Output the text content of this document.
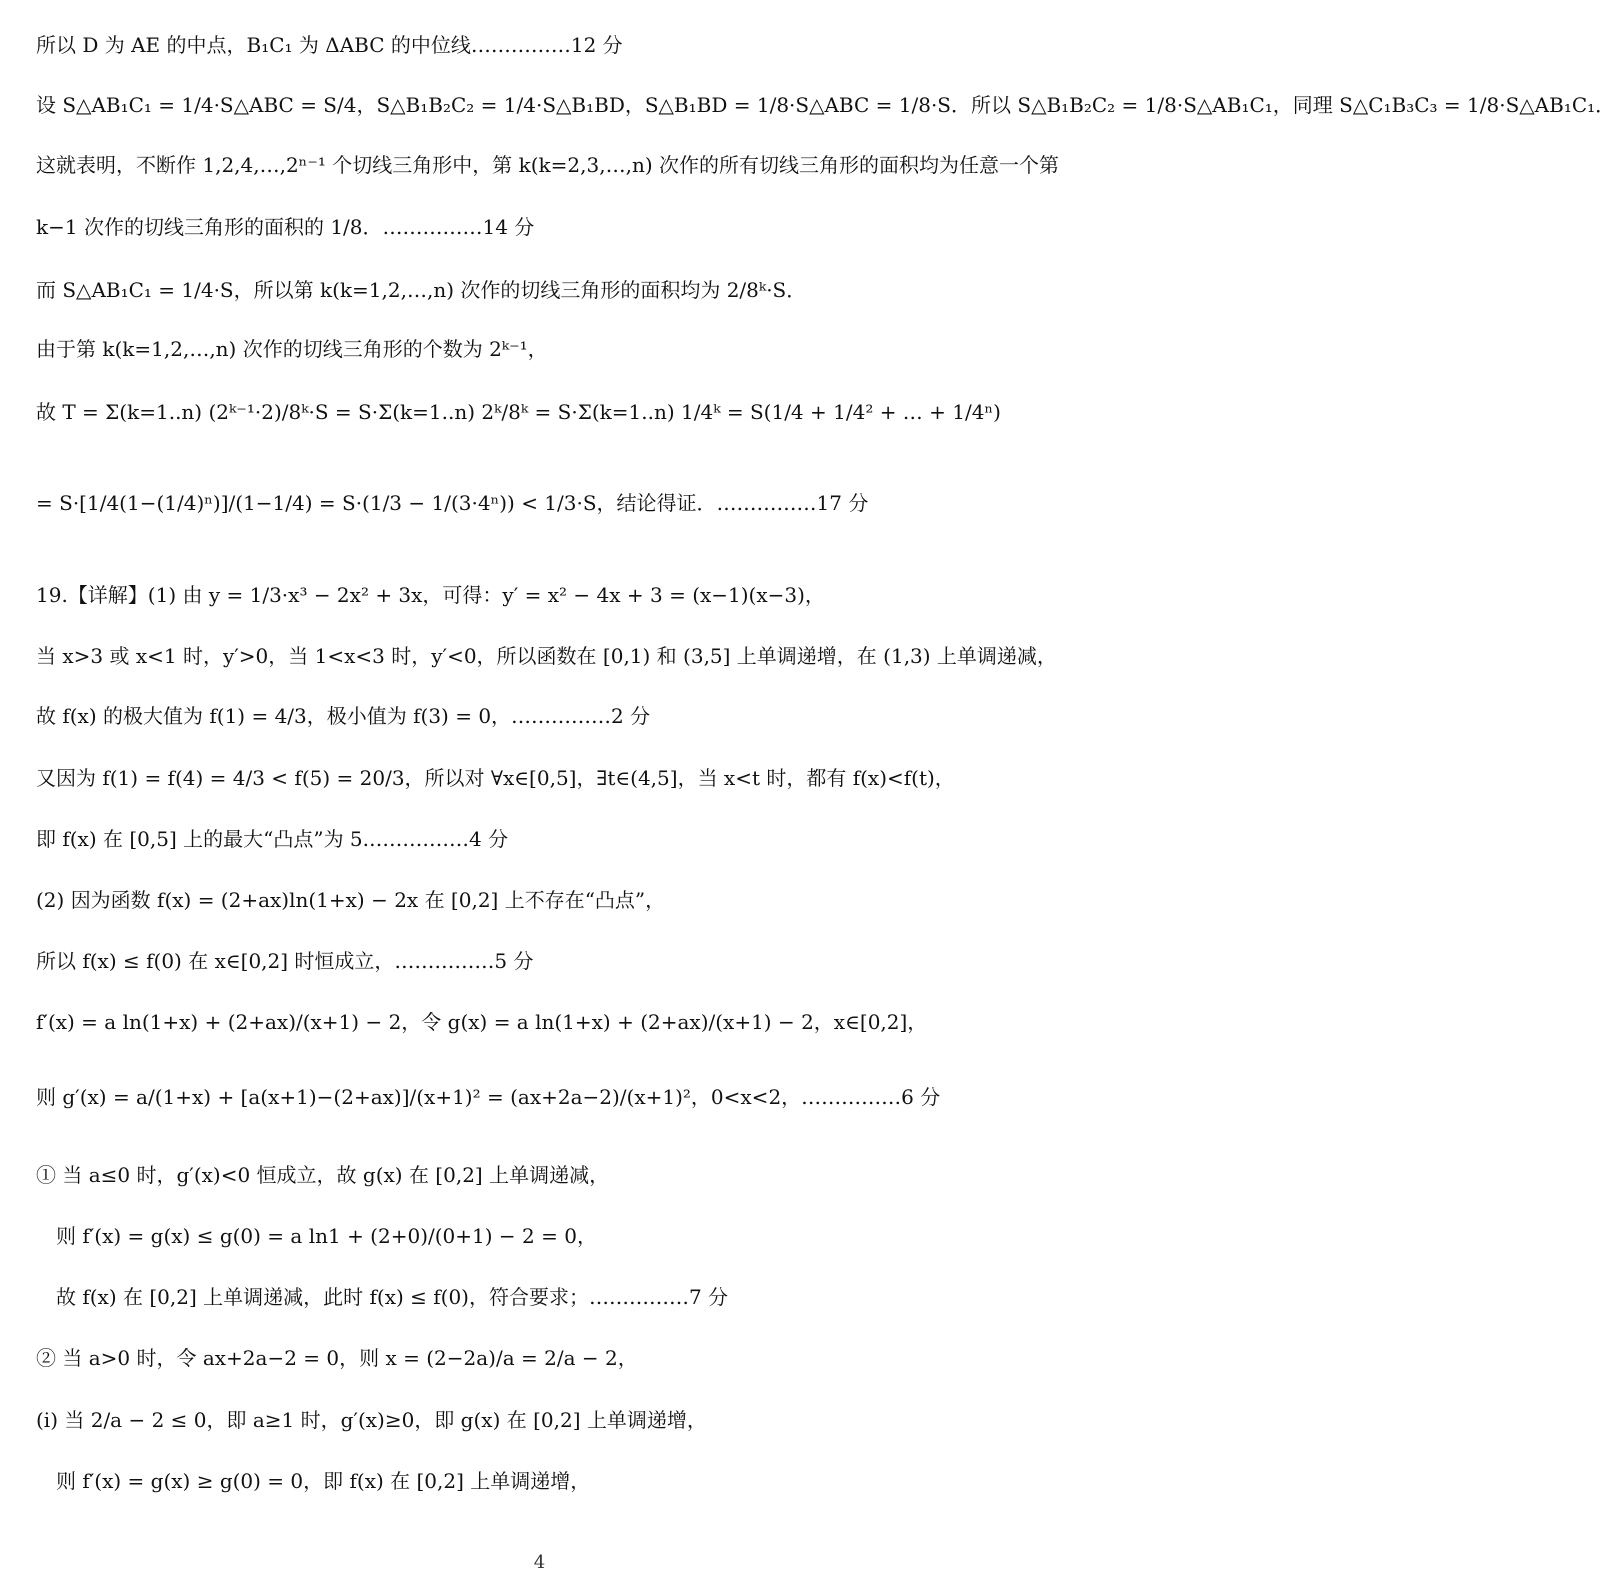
所以 D 为 AE 的中点，B₁C₁ 为 ΔABC 的中位线……………12 分
设 S△AB₁C₁ = 1/4·S△ABC = S/4，S△B₁B₂C₂ = 1/4·S△B₁BD，S△B₁BD = 1/8·S△ABC = 1/8·S．所以 S△B₁B₂C₂ = 1/8·S△AB₁C₁，同理 S△C₁B₃C₃ = 1/8·S△AB₁C₁．
这就表明，不断作 1,2,4,…,2ⁿ⁻¹ 个切线三角形中，第 k(k=2,3,…,n) 次作的所有切线三角形的面积均为任意一个第
k−1 次作的切线三角形的面积的 1/8．……………14 分
而 S△AB₁C₁ = 1/4·S，所以第 k(k=1,2,…,n) 次作的切线三角形的面积均为 2/8ᵏ·S．
由于第 k(k=1,2,…,n) 次作的切线三角形的个数为 2ᵏ⁻¹，
故 T = Σ(k=1..n) (2ᵏ⁻¹·2)/8ᵏ·S = S·Σ(k=1..n) 2ᵏ/8ᵏ = S·Σ(k=1..n) 1/4ᵏ = S(1/4 + 1/4² + … + 1/4ⁿ)
= S·[1/4(1−(1/4)ⁿ)]/(1−1/4) = S·(1/3 − 1/(3·4ⁿ)) < 1/3·S，结论得证．……………17 分
19.【详解】(1) 由 y = 1/3·x³ − 2x² + 3x，可得：y′ = x² − 4x + 3 = (x−1)(x−3)，
当 x>3 或 x<1 时，y′>0，当 1<x<3 时，y′<0，所以函数在 [0,1) 和 (3,5] 上单调递增，在 (1,3) 上单调递减，
故 f(x) 的极大值为 f(1) = 4/3，极小值为 f(3) = 0，……………2 分
又因为 f(1) = f(4) = 4/3 < f(5) = 20/3，所以对 ∀x∈[0,5]，∃t∈(4,5]，当 x<t 时，都有 f(x)<f(t)，
即 f(x) 在 [0,5] 上的最大“凸点”为 5.……………4 分
(2) 因为函数 f(x) = (2+ax)ln(1+x) − 2x 在 [0,2] 上不存在“凸点”，
所以 f(x) ≤ f(0) 在 x∈[0,2] 时恒成立，……………5 分
f′(x) = a ln(1+x) + (2+ax)/(x+1) − 2，令 g(x) = a ln(1+x) + (2+ax)/(x+1) − 2，x∈[0,2]，
则 g′(x) = a/(1+x) + [a(x+1)−(2+ax)]/(x+1)² = (ax+2a−2)/(x+1)²，0<x<2，……………6 分
① 当 a≤0 时，g′(x)<0 恒成立，故 g(x) 在 [0,2] 上单调递减，
则 f′(x) = g(x) ≤ g(0) = a ln1 + (2+0)/(0+1) − 2 = 0，
故 f(x) 在 [0,2] 上单调递减，此时 f(x) ≤ f(0)，符合要求；……………7 分
② 当 a>0 时，令 ax+2a−2 = 0，则 x = (2−2a)/a = 2/a − 2，
(i) 当 2/a − 2 ≤ 0，即 a≥1 时，g′(x)≥0，即 g(x) 在 [0,2] 上单调递增，
则 f′(x) = g(x) ≥ g(0) = 0，即 f(x) 在 [0,2] 上单调递增，
4
